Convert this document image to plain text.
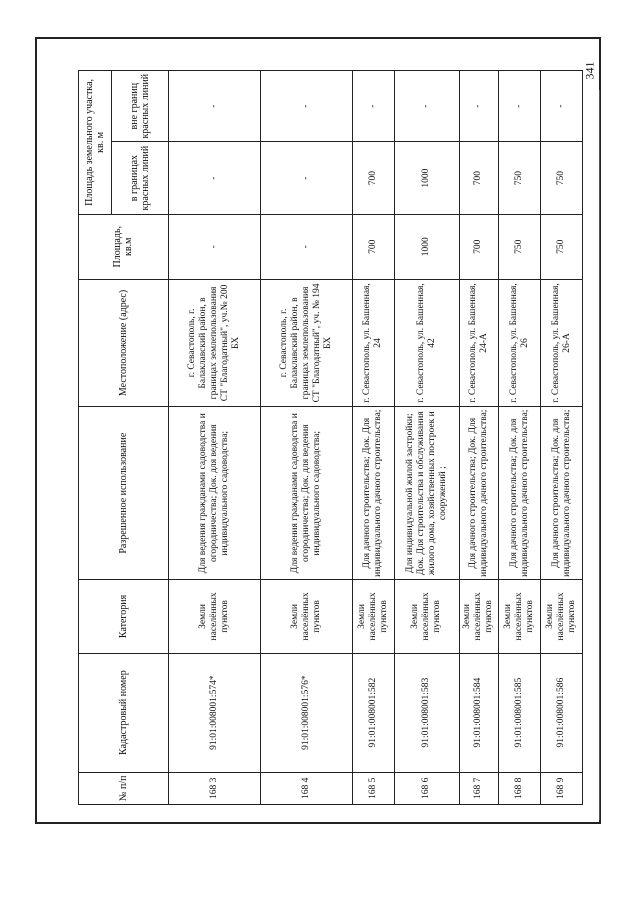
341
№ п/п	Кадастровый номер	Категория	Разрешенное использование	Местоположение (адрес)	Площадь, кв.м	Площадь земельного участка, кв. м	
						в границах красных линий	вне границ красных линий
168 3	91:01:008001:574*	Земли населённых пунктов	Для ведения гражданами садоводства и огородничества; Док. для ведения индивидуального садоводства;	г. Севастополь, г. Балаклавский район, в границах землепользования СТ "Благодатный", уч.№ 200 БХ	-	-	-
168 4	91:01:008001:576*	Земли населённых пунктов	Для ведения гражданами садоводства и огородничества; Док. для ведения индивидуального садоводства;	г. Севастополь, г. Балаклавский район, в границах землепользования СТ "Благодатный", уч. № 194 БХ	-	-	-
168 5	91:01:008001:582	Земли населённых пунктов	Для дачного строительства; Док. Для индивидуального дачного строительства;	г. Севастополь, ул. Башенная, 24	700	700	-
168 6	91:01:008001:583	Земли населённых пунктов	Для индивидуальной жилой застройки; Док. Для строительства и обслуживания жилого дома, хозяйственных построек и сооружений ;	г. Севастополь, ул. Башенная, 42	1000	1000	-
168 7	91:01:008001:584	Земли населённых пунктов	Для дачного строительства; Док. Для индивидуального дачного строительства;	г. Севастополь, ул. Башенная, 24-А	700	700	-
168 8	91:01:008001:585	Земли населённых пунктов	Для дачного строительства; Док. для индивидуального дачного строительства;	г. Севастополь, ул. Башенная, 26	750	750	-
168 9	91:01:008001:586	Земли населённых пунктов	Для дачного строительства; Док. для индивидуального дачного строительства;	г. Севастополь, ул. Башенная, 26-А	750	750	-
